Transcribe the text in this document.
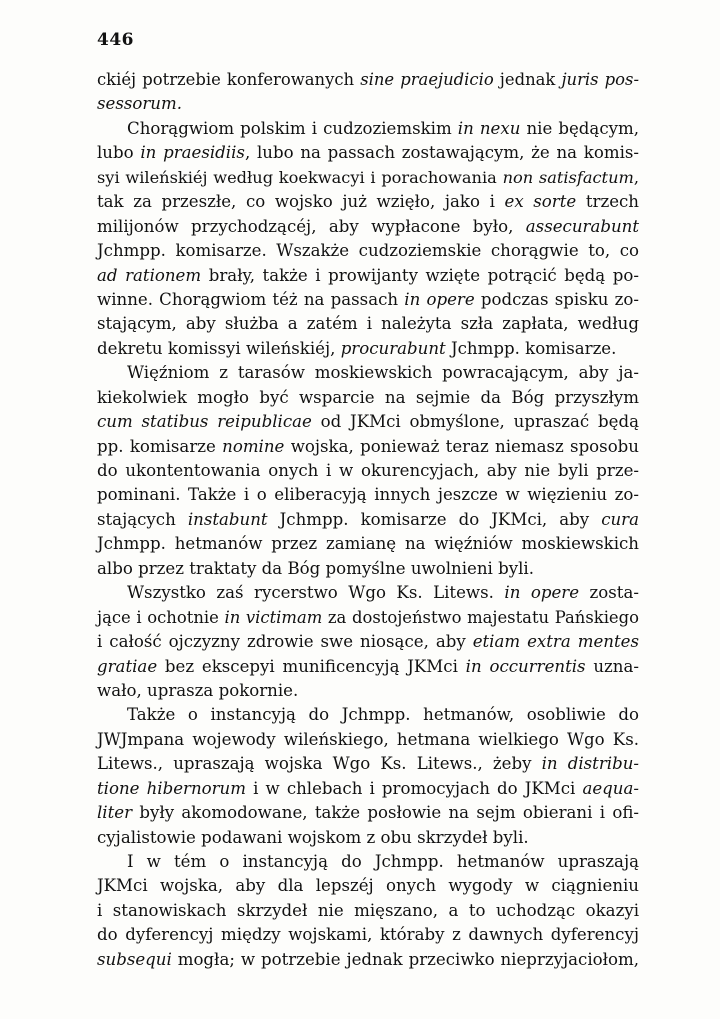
446
ckiéj potrzebie konferowanych sine praejudicio jednak juris pos-
sessorum.
Chorągwiom polskim i cudzoziemskim in nexu nie będącym,
lubo in praesidiis, lubo na passach zostawającym, że na komis-
syi wileńskiéj według koekwacyi i porachowania non satisfactum,
tak za przeszłe, co wojsko już wzięło, jako i ex sorte trzech
milijonów przychodzącéj, aby wypłacone było, assecurabunt
Jchmpp. komisarze. Wszakże cudzoziemskie chorągwie to, co
ad rationem brały, także i prowijanty wzięte potrącić będą po-
winne. Chorągwiom téż na passach in opere podczas spisku zo-
stającym, aby służba a zatém i należyta szła zapłata, według
dekretu komissyi wileńskiéj, procurabunt Jchmpp. komisarze.
Więźniom z tarasów moskiewskich powracającym, aby ja-
kiekolwiek mogło być wsparcie na sejmie da Bóg przyszłym
cum statibus reipublicae od JKMci obmyślone, upraszać będą
pp. komisarze nomine wojska, ponieważ teraz niemasz sposobu
do ukontentowania onych i w okurencyjach, aby nie byli prze-
pominani. Także i o eliberacyją innych jeszcze w więzieniu zo-
stających instabunt Jchmpp. komisarze do JKMci, aby cura
Jchmpp. hetmanów przez zamianę na więźniów moskiewskich
albo przez traktaty da Bóg pomyślne uwolnieni byli.
Wszystko zaś rycerstwo Wgo Ks. Litews. in opere zosta-
jące i ochotnie in victimam za dostojeństwo majestatu Pańskiego
i całość ojczyzny zdrowie swe niosące, aby etiam extra mentes
gratiae bez ekscepyi munificencyją JKMci in occurrentis uzna-
wało, uprasza pokornie.
Także o instancyją do Jchmpp. hetmanów, osobliwie do
JWJmpana wojewody wileńskiego, hetmana wielkiego Wgo Ks.
Litews., upraszają wojska Wgo Ks. Litews., żeby in distribu-
tione hibernorum i w chlebach i promocyjach do JKMci aequa-
liter były akomodowane, także posłowie na sejm obierani i ofi-
cyjalistowie podawani wojskom z obu skrzydeł byli.
I w tém o instancyją do Jchmpp. hetmanów upraszają
JKMci wojska, aby dla lepszéj onych wygody w ciągnieniu
i stanowiskach skrzydeł nie mięszano, a to uchodząc okazyi
do dyferencyj między wojskami, któraby z dawnych dyferencyj
subsequi mogła; w potrzebie jednak przeciwko nieprzyjaciołom,
